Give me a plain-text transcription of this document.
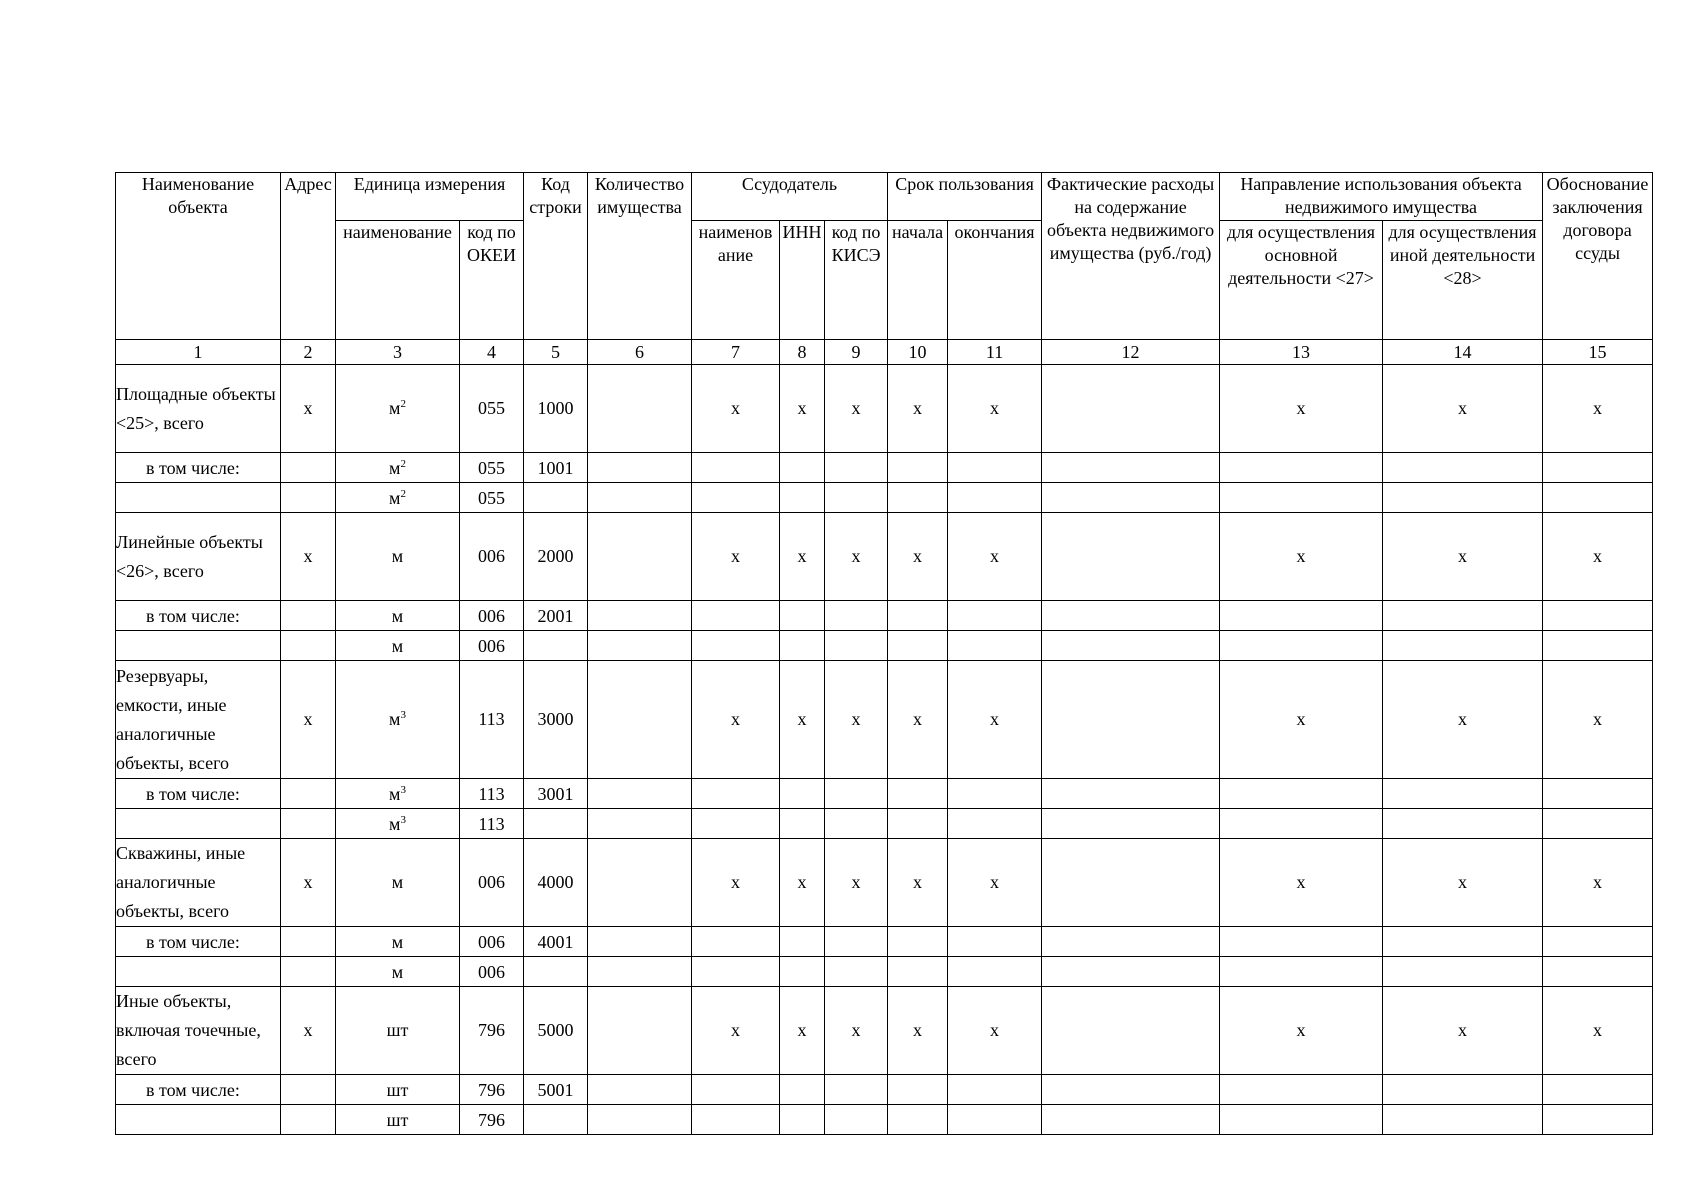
Наименование объекта	Адрес	Единица измерения		Код строки	Количество имущества	Ссудодатель			Срок пользования		Фактические расходы на содержание объекта недвижимого имущества (руб./год)	Направление использования объекта недвижимого имущества		Обоснование заключения договора ссуды
		наименование	код по ОКЕИ			наименов ание	ИНН	код по КИСЭ	начала	окончания		для осуществления основной деятельности <27>	для осуществления иной деятельности <28>	
1	2	3	4	5	6	7	8	9	10	11	12	13	14	15
Площадные объекты <25>, всего	х	$м^2$	055	1000		х	х	х	х	х		х	х	х
в том числе:		$м^2$	055	1001										
		$м^2$	055											
Линейные объекты <26>, всего	х	м	006	2000		х	х	х	х	х		х	х	х
в том числе:		м	006	2001										
		м	006											
Резервуары, емкости, иные аналогичные объекты, всего	х	$м^3$	113	3000		х	х	х	х	х		х	х	х
в том числе:		$м^3$	113	3001										
		$м^3$	113											
Скважины, иные аналогичные объекты, всего	х	м	006	4000		х	х	х	х	х		х	х	х
в том числе:		м	006	4001										
		м	006											
Иные объекты, включая точечные, всего	х	шт	796	5000		х	х	х	х	х		х	х	х
в том числе:		шт	796	5001										
		шт	796											
